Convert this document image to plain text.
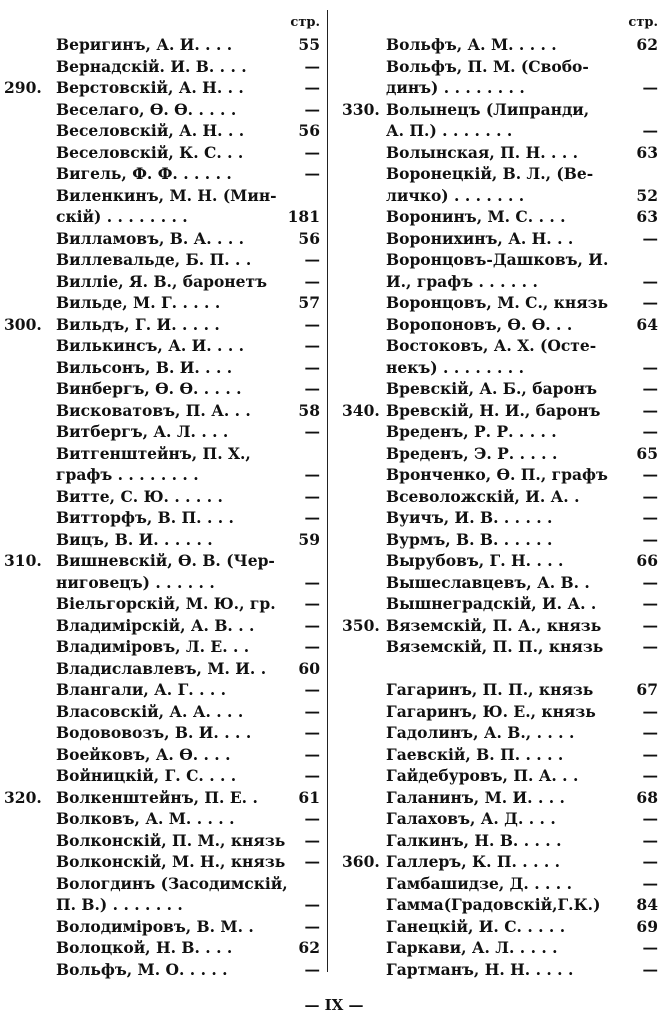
стр.
Веригинъ, А. И. . . .	55
Вернадскій. И. В. . . .	—
290. Верстовскій, А. Н. . .	—
Веселаго, Ѳ. Ѳ. . . . .	—
Веселовскій, А. Н. . .	56
Веселовскій, К. С. . .	—
Вигель, Ф. Ф. . . . . .	—
Виленкинъ, М. Н. (Мин-
скій) . . . . . . . .	181
Вилламовъ, В. А. . . .	56
Виллевальде, Б. П. . .	—
Виллie, Я. В., баронетъ —
Вильде, М. Г. . . . .	57
300. Вильдъ, Г. И. . . . .	—
Вилькинсъ, А. И. . . .	—
Вильсонъ, В. И. . . .	—
Винбергъ, Ѳ. Ѳ. . . . .	—
Висковатовъ, П. А. . .	58
Витбергъ, А. Л. . . .	—
Витгенштейнъ, П. Х.,
графъ . . . . . . . .	—
Витте, С. Ю. . . . . .	—
Витторфъ, В. П. . . .	—
Вицъ, В. И. . . . . .	59
310. Вишневскій, Ѳ. В. (Чер-
ниговецъ) . . . . . .	—
Віельгорскій, М. Ю., гр. —
Владимірскій, А. В. . .	—
Владиміровъ, Л. Е. . .	—
Владиславлевъ, М. И. . 60
Влангали, А. Г. . . .	—
Власовскій, А. А. . . .	—
Водововозъ, В. И. . . .	—
Воейковъ, А. Ѳ. . . .	—
Войницкій, Г. С. . . .	—
320. Волкенштейнъ, П. Е. .	61
Волковъ, А. М. . . . .	—
Волконскій, П. М., князь —
Волконскій, М. Н., князь —
Вологдинъ (Засодимскій,
П. В.) . . . . . . .	—
Володиміровъ, В. М. .	—
Волоцкой, Н. В. . . .	62
Вольфъ, М. О. . . . .	—
стр.
Вольфъ, А. М. . . . .	62
Вольфъ, П. М. (Свобо-
динъ) . . . . . . . .	—
330. Волынецъ (Липранди,
А. П.) . . . . . . .	—
Волынская, П. Н. . . .	63
Воронецкій, В. Л., (Be-
личко) . . . . . . .	52
Воронинъ, М. С. . . .	63
Воронихинъ, А. Н. . .	—
Воронцовъ-Дашковъ, И.
И., графъ . . . . . .	—
Воронцовъ, М. С., князь —
Воропоновъ, Ѳ. Ѳ. . .	64
Востоковъ, А. Х. (Осте-
некъ) . . . . . . . .	—
Врeвскій, А. Б., баронъ	—
340. Вревскій, Н. И., баронъ	—
Вреденъ, Р. Р. . . . .	—
Вреденъ, Э. Р. . . . .	65
Вронченко, Ѳ. П., графъ —
Всеволожскій, И. А. .	—
Вуичъ, И. В. . . . . .	—
Вурмъ, В. В. . . . . .	—
Вырубовъ, Г. Н. . . .	66
Вышеславцевъ, А. В. .	—
Вышнеградскій, И. А. .	—
350. Вяземскій, П. А., князь	—
Вяземскій, П. П., князь	—
Гагаринъ, П. П., князь	67
Гагаринъ, Ю. Е., князь	—
Гадолинъ, А. В., . . . .	—
Гаевскій, В. П. . . . .	—
Гайдебуровъ, П. А. . .	—
Галанинъ, М. И. . . .	68
Галаховъ, А. Д. . . .	—
Галкинъ, Н. В. . . . .	—
360. Галлеръ, К. П. . . . .	—
Гамбашидзе, Д. . . . .	—
Гамма(Градовскій,Г.К.) 84
Ганецкій, И. С. . . . .	69
Гаркави, А. Л. . . . .	—
Гартманъ, Н. Н. . . . .	—
— IX —
